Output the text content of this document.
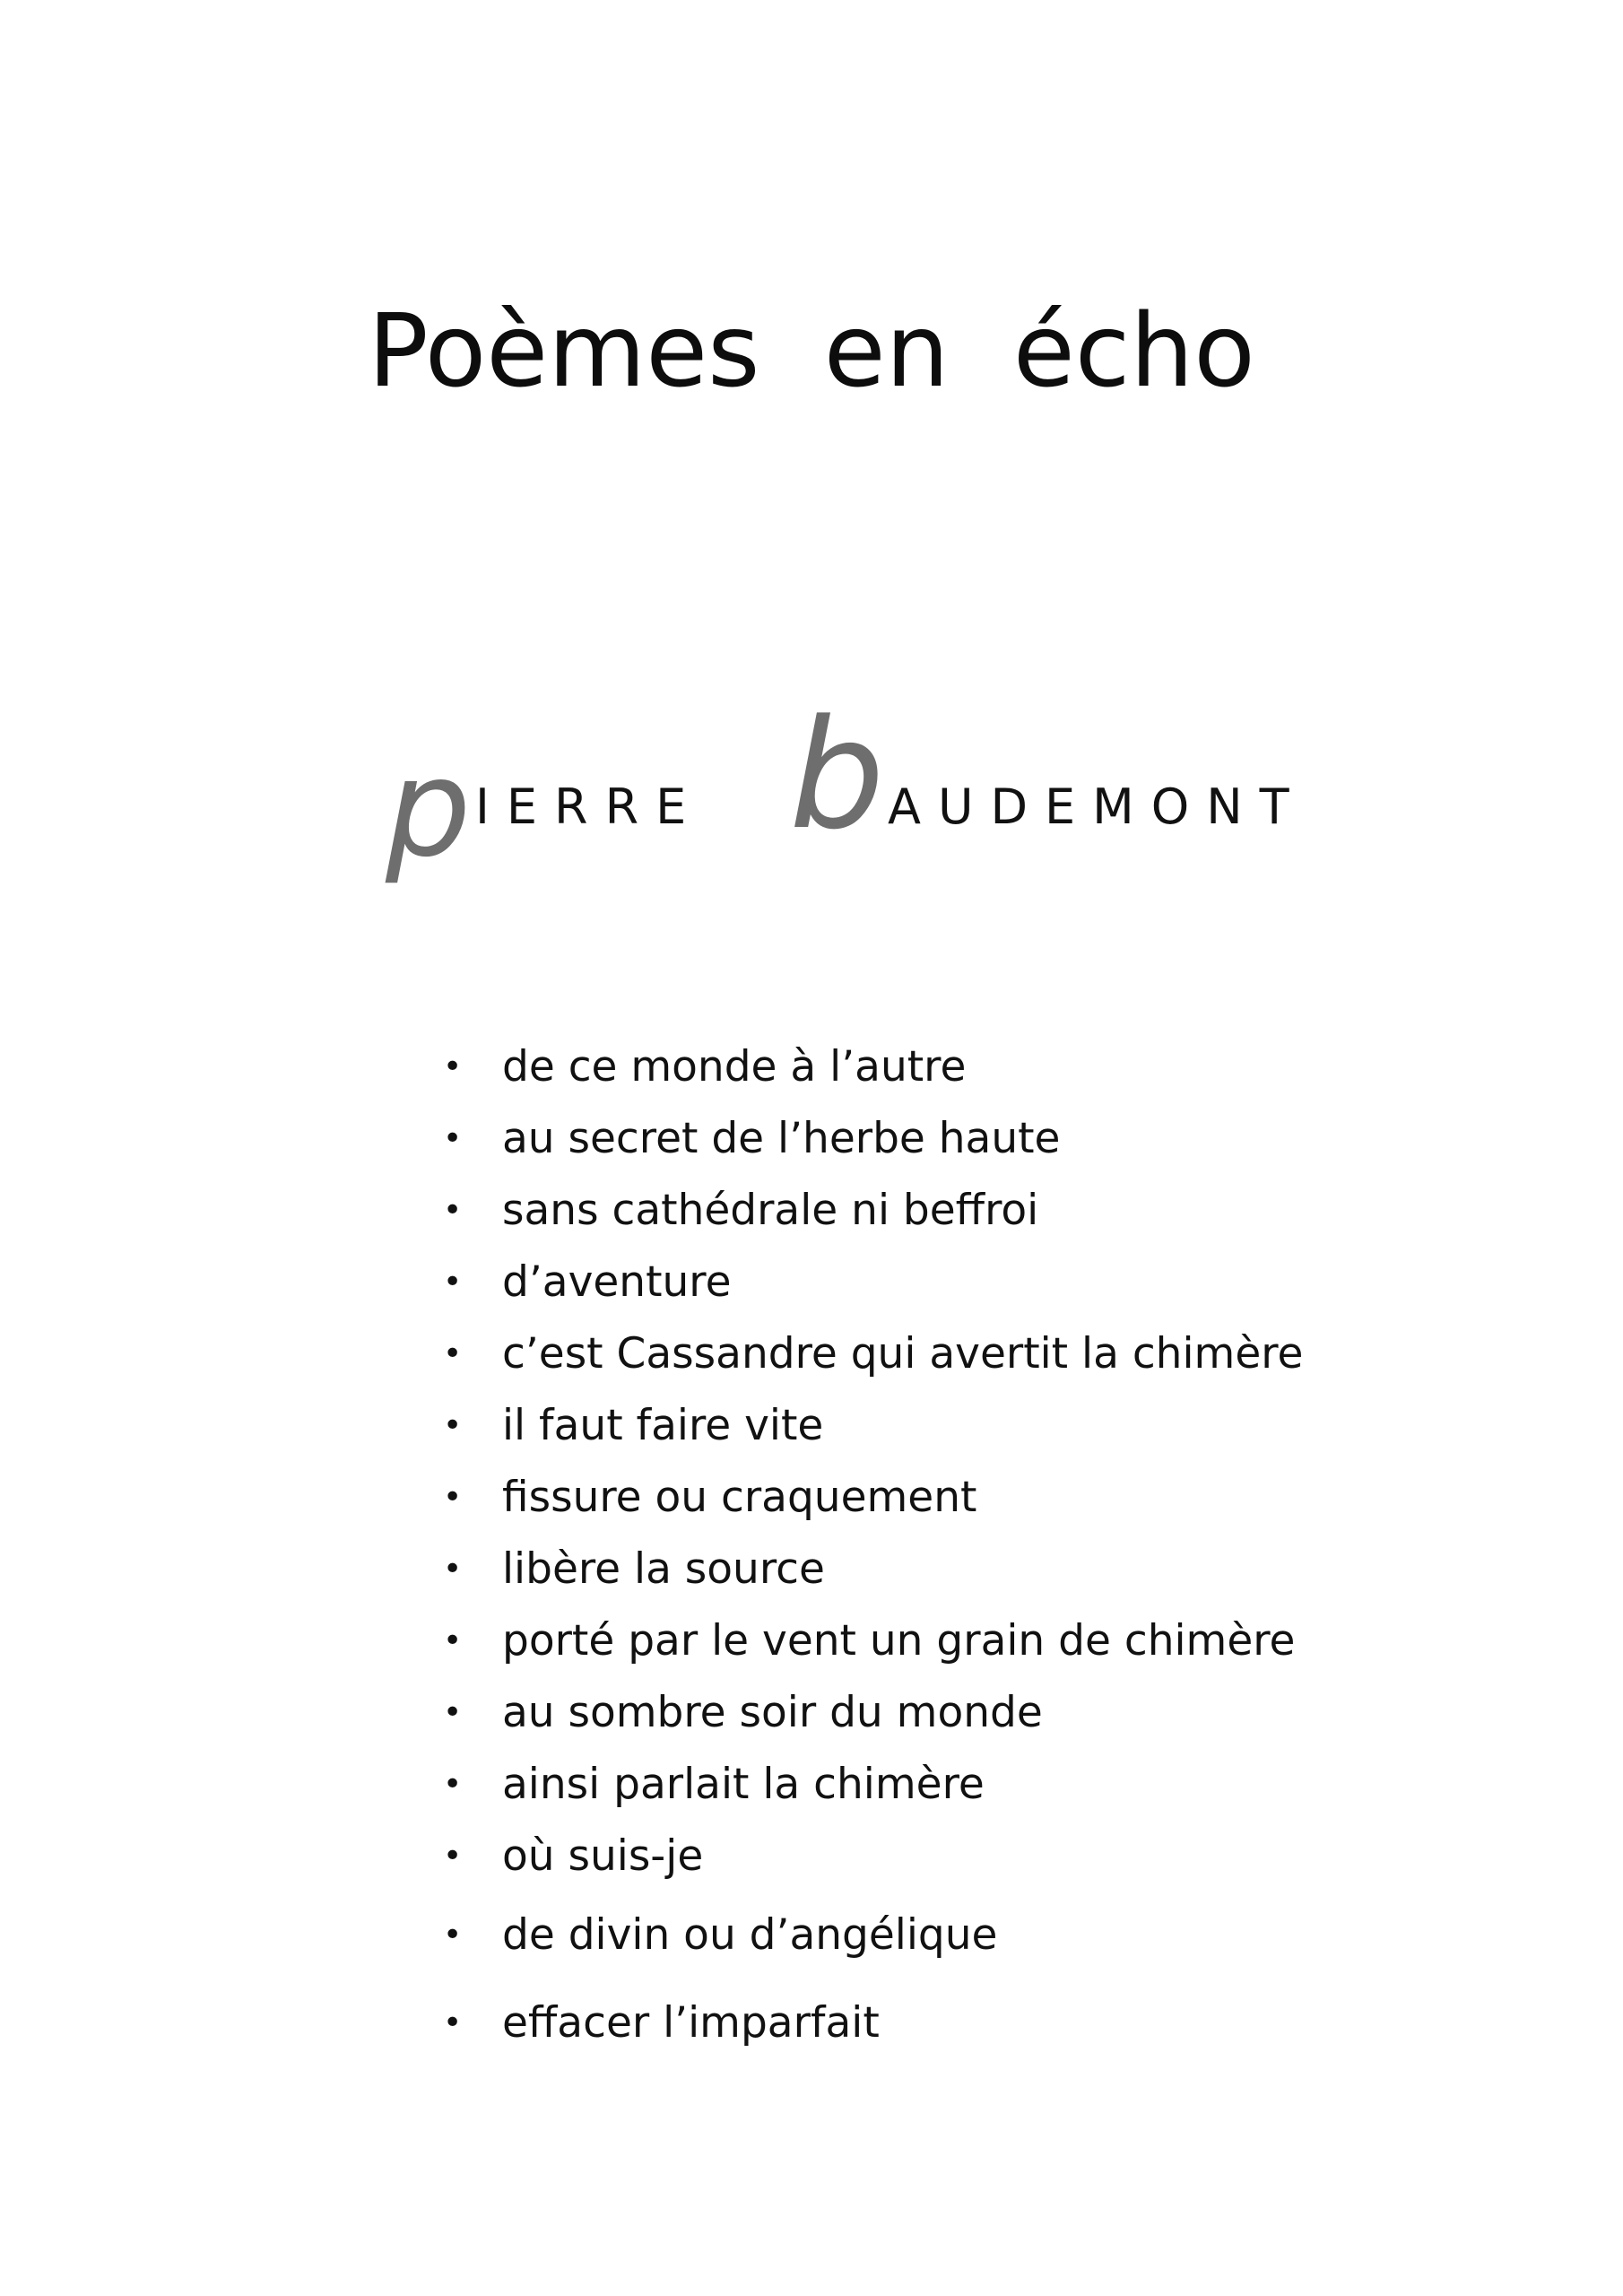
Poèmes  en  écho
p IERRE b AUDEMONT
• de ce monde à l’autre
• au secret de l’herbe haute
• sans cathédrale ni beffroi
• d’aventure
• c’est Cassandre qui avertit la chimère
• il faut faire vite
• fissure ou craquement
• libère la source
• porté par le vent un grain de chimère
• au sombre soir du monde
• ainsi parlait la chimère
• où suis-je
• de divin ou d’angélique
• effacer l’imparfait
